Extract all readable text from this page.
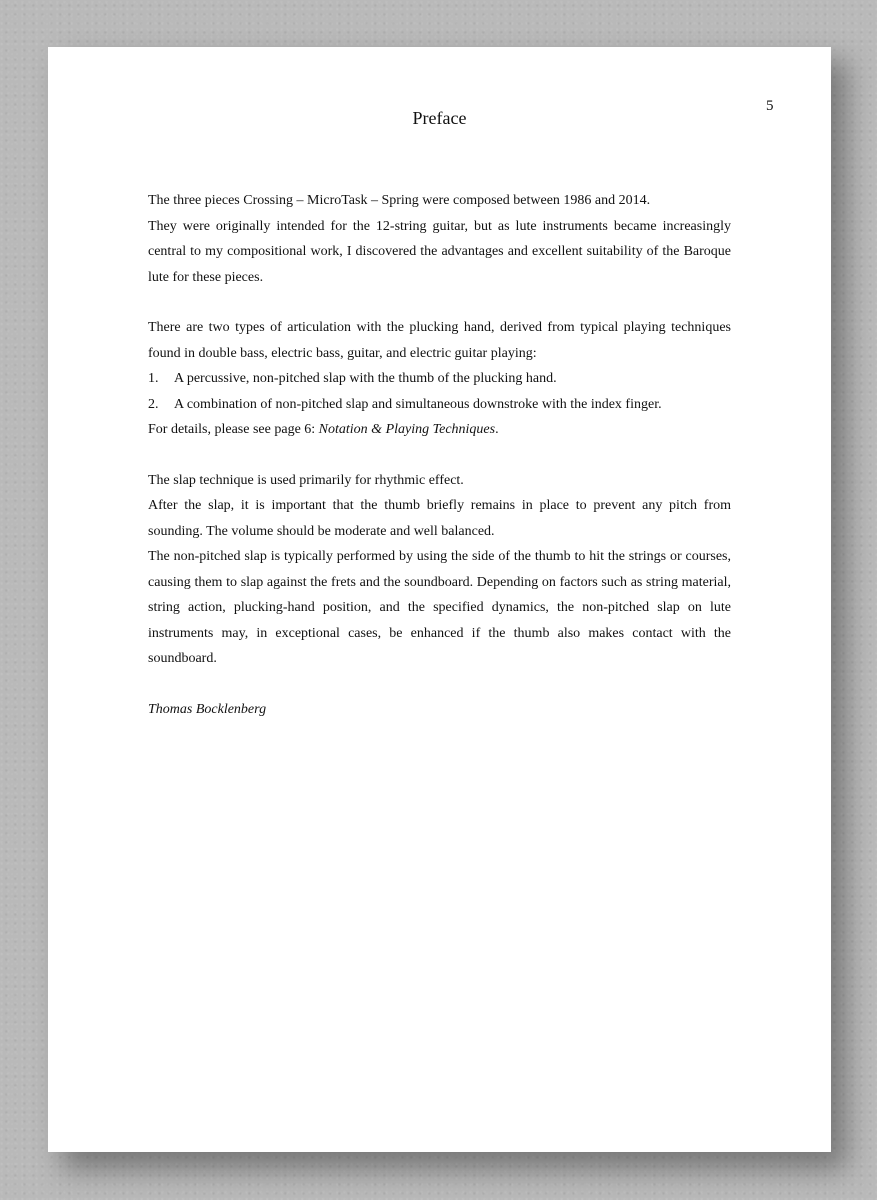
5
Preface

The three pieces Crossing – MicroTask – Spring were composed between 1986 and 2014.

They were originally intended for the 12-string guitar, but as lute instruments became increasingly central to my compositional work, I discovered the advantages and excellent suitability of the Baroque lute for these pieces.

There are two types of articulation with the plucking hand, derived from typical playing techniques found in double bass, electric bass, guitar, and electric guitar playing:

1.	A percussive, non-pitched slap with the thumb of the plucking hand.
2.	A combination of non-pitched slap and simultaneous downstroke with the index finger.

For details, please see page 6: Notation & Playing Techniques.

The slap technique is used primarily for rhythmic effect.

After the slap, it is important that the thumb briefly remains in place to prevent any pitch from sounding. The volume should be moderate and well balanced.

The non-pitched slap is typically performed by using the side of the thumb to hit the strings or courses, causing them to slap against the frets and the soundboard. Depending on factors such as string material, string action, plucking-hand position, and the specified dynamics, the non-pitched slap on lute instruments may, in exceptional cases, be enhanced if the thumb also makes contact with the soundboard.

Thomas Bocklenberg
